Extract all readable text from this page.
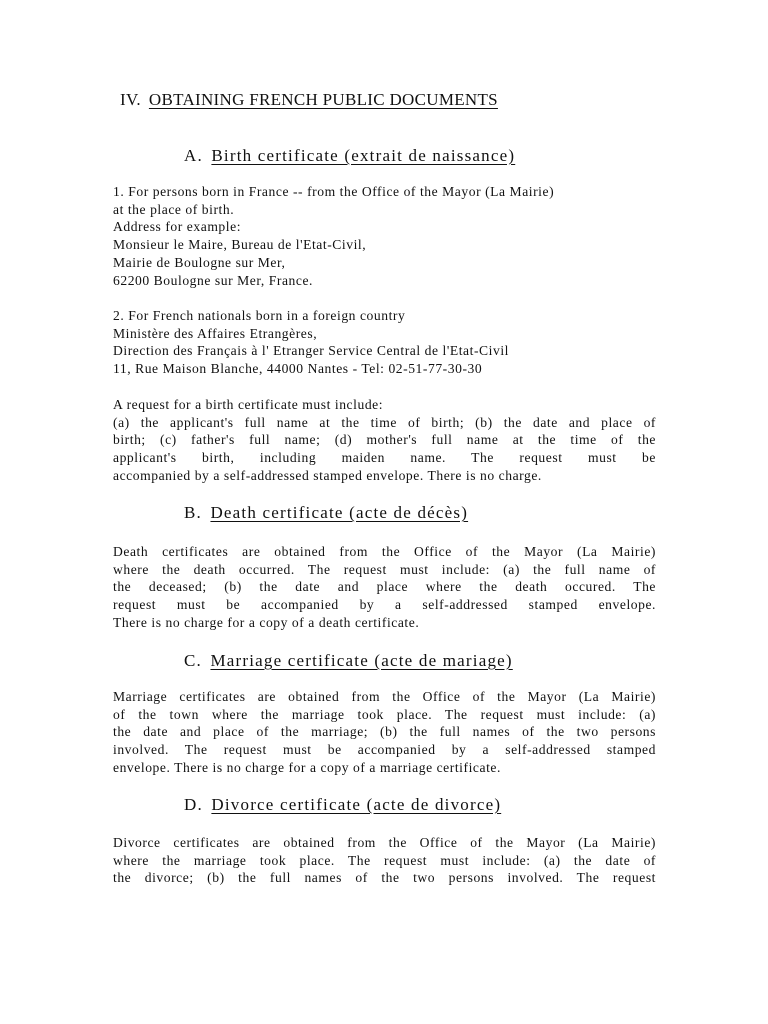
IV. OBTAINING FRENCH PUBLIC DOCUMENTS
A. Birth certificate (extrait de naissance)
1. For persons born in France -- from the Office of the Mayor (La Mairie)
at the place of birth.
Address for example:
Monsieur le Maire, Bureau de l'Etat-Civil,
Mairie de Boulogne sur Mer,
62200 Boulogne sur Mer, France.
2. For French nationals born in a foreign country
Ministère des Affaires Etrangères,
Direction des Français à l' Etranger Service Central de l'Etat-Civil
11, Rue Maison Blanche, 44000 Nantes - Tel: 02-51-77-30-30
A request for a birth certificate must include:
(a) the applicant's full name at the time of birth; (b) the date and place of
birth; (c) father's full name; (d) mother's full name at the time of the
applicant's birth, including maiden name. The request must be
accompanied by a self-addressed stamped envelope. There is no charge.
B. Death certificate (acte de décès)
Death certificates are obtained from the Office of the Mayor (La Mairie)
where the death occurred. The request must include: (a) the full name of
the deceased; (b) the date and place where the death occured. The
request must be accompanied by a self-addressed stamped envelope.
There is no charge for a copy of a death certificate.
C. Marriage certificate (acte de mariage)
Marriage certificates are obtained from the Office of the Mayor (La Mairie)
of the town where the marriage took place. The request must include: (a)
the date and place of the marriage; (b) the full names of the two persons
involved. The request must be accompanied by a self-addressed stamped
envelope. There is no charge for a copy of a marriage certificate.
D. Divorce certificate (acte de divorce)
Divorce certificates are obtained from the Office of the Mayor (La Mairie)
where the marriage took place. The request must include: (a) the date of
the divorce; (b) the full names of the two persons involved. The request
